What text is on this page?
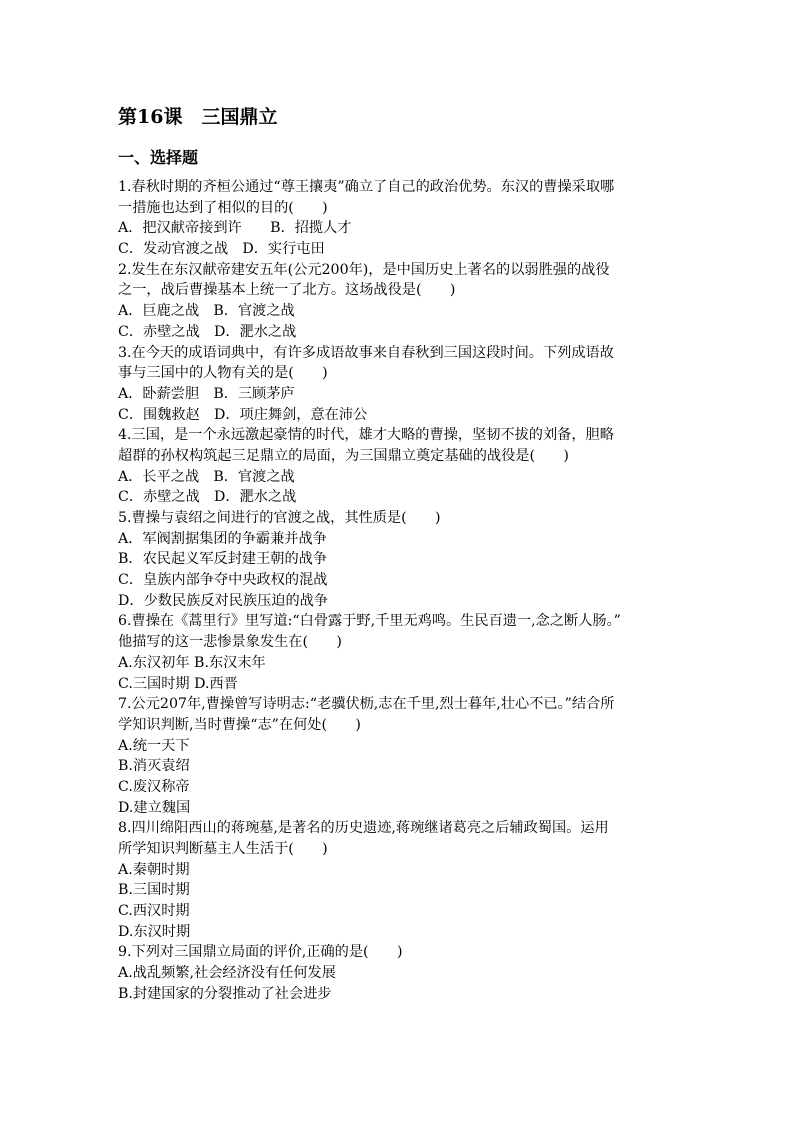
第16课　三国鼎立
一、选择题
1.春秋时期的齐桓公通过“尊王攘夷”确立了自己的政治优势。东汉的曹操采取哪
一措施也达到了相似的目的(　　)
A．把汉献帝接到许　　B．招揽人才
C．发动官渡之战　D．实行屯田
2.发生在东汉献帝建安五年(公元200年)，是中国历史上著名的以弱胜强的战役
之一，战后曹操基本上统一了北方。这场战役是(　　)
A．巨鹿之战　B．官渡之战
C．赤壁之战　D．淝水之战
3.在今天的成语词典中，有许多成语故事来自春秋到三国这段时间。下列成语故
事与三国中的人物有关的是(　　)
A．卧薪尝胆　B．三顾茅庐
C．围魏救赵　D．项庄舞剑，意在沛公
4.三国，是一个永远激起豪情的时代，雄才大略的曹操，坚韧不拔的刘备，胆略
超群的孙权构筑起三足鼎立的局面，为三国鼎立奠定基础的战役是(　　)
A．长平之战　B．官渡之战
C．赤壁之战　D．淝水之战
5.曹操与袁绍之间进行的官渡之战，其性质是(　　)
A．军阀割据集团的争霸兼并战争
B．农民起义军反封建王朝的战争
C．皇族内部争夺中央政权的混战
D．少数民族反对民族压迫的战争
6.曹操在《蒿里行》里写道:“白骨露于野,千里无鸡鸣。生民百遗一,念之断人肠。”
他描写的这一悲惨景象发生在(　　)
A.东汉初年 B.东汉末年
C.三国时期 D.西晋
7.公元207年,曹操曾写诗明志:“老骥伏枥,志在千里,烈士暮年,壮心不已。”结合所
学知识判断,当时曹操“志”在何处(　　)
A.统一天下
B.消灭袁绍
C.废汉称帝
D.建立魏国
8.四川绵阳西山的蒋琬墓,是著名的历史遗迹,蒋琬继诸葛亮之后辅政蜀国。运用
所学知识判断墓主人生活于(　　)
A.秦朝时期
B.三国时期
C.西汉时期
D.东汉时期
9.下列对三国鼎立局面的评价,正确的是(　　)
A.战乱频繁,社会经济没有任何发展
B.封建国家的分裂推动了社会进步
